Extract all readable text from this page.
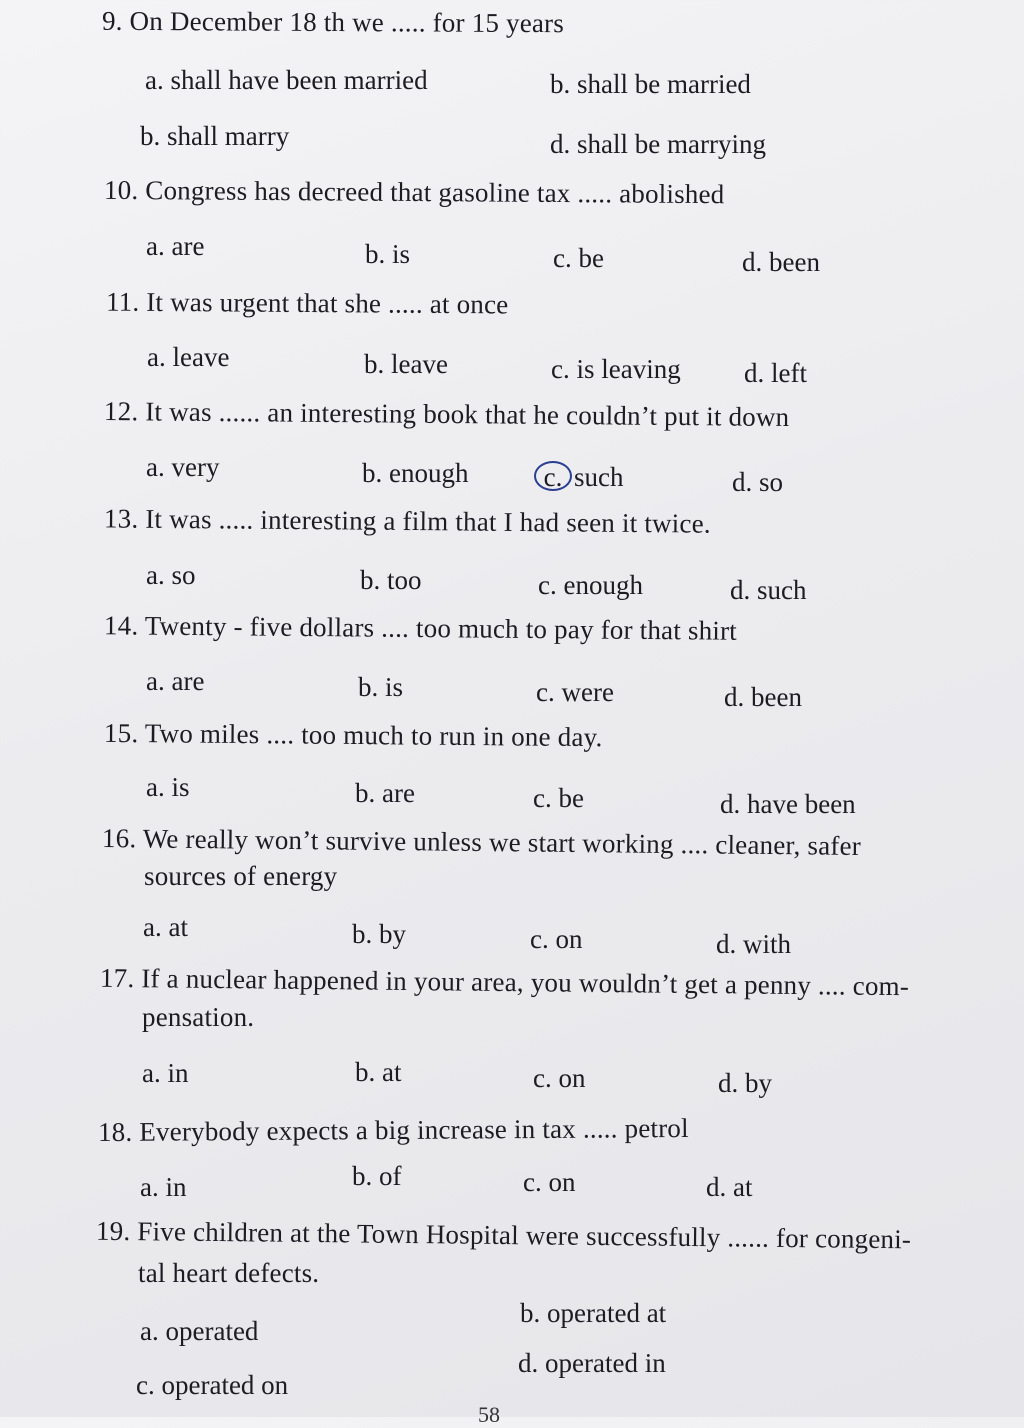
9. On December 18 th we ..... for 15 years
a. shall have been married	b. shall be married
b. shall marry	d. shall be marrying
10. Congress has decreed that gasoline tax ..... abolished
a. are	b. is	c. be	d. been
11. It was urgent that she ..... at once
a. leave	b. leave	c. is leaving d. left
12. It was ...... an interesting book that he couldn’t put it down
a. very	b. enough	c. such	d. so
13. It was ..... interesting a film that I had seen it twice.
a. so	b. too	c. enough	d. such
14. Twenty - five dollars .... too much to pay for that shirt
a. are	b. is	c. were	d. been
15. Two miles .... too much to run in one day.
a. is	b. are	c. be	d. have been
16. We really won’t survive unless we start working .... cleaner, safer
sources of energy
a. at	b. by	c. on	d. with
17. If a nuclear happened in your area, you wouldn’t get a penny .... com-
pensation.
a. in	b. at	c. on	d. by
18. Everybody expects a big increase in tax ..... petrol
a. in	b. of	c. on	d. at
19. Five children at the Town Hospital were successfully ...... for congeni-
tal heart defects.
a. operated
b. operated at
c. operated on
d. operated in
58
